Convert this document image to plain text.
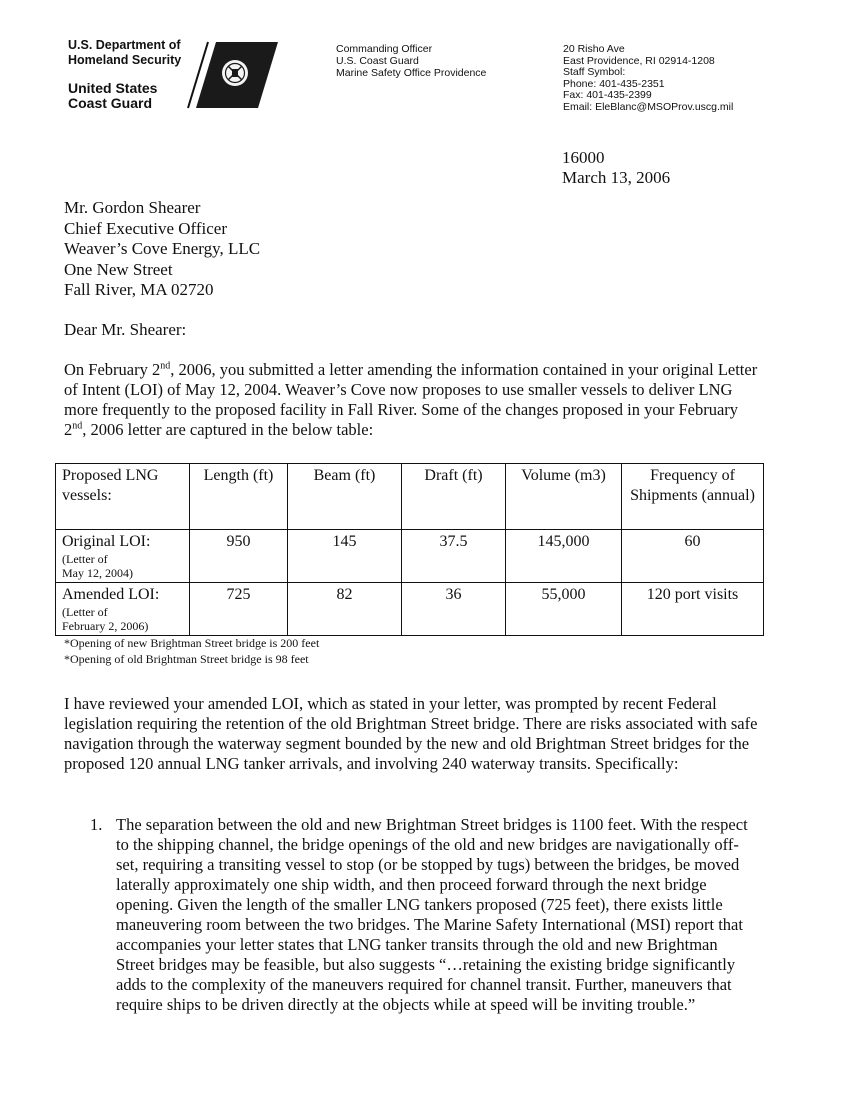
U.S. Department of
Homeland Security
United States
Coast Guard
Commanding Officer
U.S. Coast Guard
Marine Safety Office Providence
20 Risho Ave
East Providence, RI 02914-1208
Staff Symbol:
Phone: 401-435-2351
Fax: 401-435-2399
Email: EleBlanc@MSOProv.uscg.mil
16000
March 13, 2006
Mr. Gordon Shearer
Chief Executive Officer
Weaver’s Cove Energy, LLC
One New Street
Fall River, MA 02720
Dear Mr. Shearer:
On February 2nd, 2006, you submitted a letter amending the information contained in your original Letter of Intent (LOI) of May 12, 2004. Weaver’s Cove now proposes to use smaller vessels to deliver LNG more frequently to the proposed facility in Fall River. Some of the changes proposed in your February 2nd, 2006 letter are captured in the below table:
Proposed LNG vessels:	Length (ft)	Beam (ft)	Draft (ft)	Volume (m3)	Frequency of Shipments (annual)
Original LOI:
(Letter of
May 12, 2004)	950	145	37.5	145,000	60
Amended LOI:
(Letter of
February 2, 2006)	725	82	36	55,000	120 port visits
*Opening of new Brightman Street bridge is 200 feet
*Opening of old Brightman Street bridge is 98 feet
I have reviewed your amended LOI, which as stated in your letter, was prompted by recent Federal legislation requiring the retention of the old Brightman Street bridge. There are risks associated with safe navigation through the waterway segment bounded by the new and old Brightman Street bridges for the proposed 120 annual LNG tanker arrivals, and involving 240 waterway transits. Specifically:
1. The separation between the old and new Brightman Street bridges is 1100 feet. With the respect to the shipping channel, the bridge openings of the old and new bridges are navigationally off-set, requiring a transiting vessel to stop (or be stopped by tugs) between the bridges, be moved laterally approximately one ship width, and then proceed forward through the next bridge opening. Given the length of the smaller LNG tankers proposed (725 feet), there exists little maneuvering room between the two bridges. The Marine Safety International (MSI) report that accompanies your letter states that LNG tanker transits through the old and new Brightman Street bridges may be feasible, but also suggests “…retaining the existing bridge significantly adds to the complexity of the maneuvers required for channel transit. Further, maneuvers that require ships to be driven directly at the objects while at speed will be inviting trouble.”
